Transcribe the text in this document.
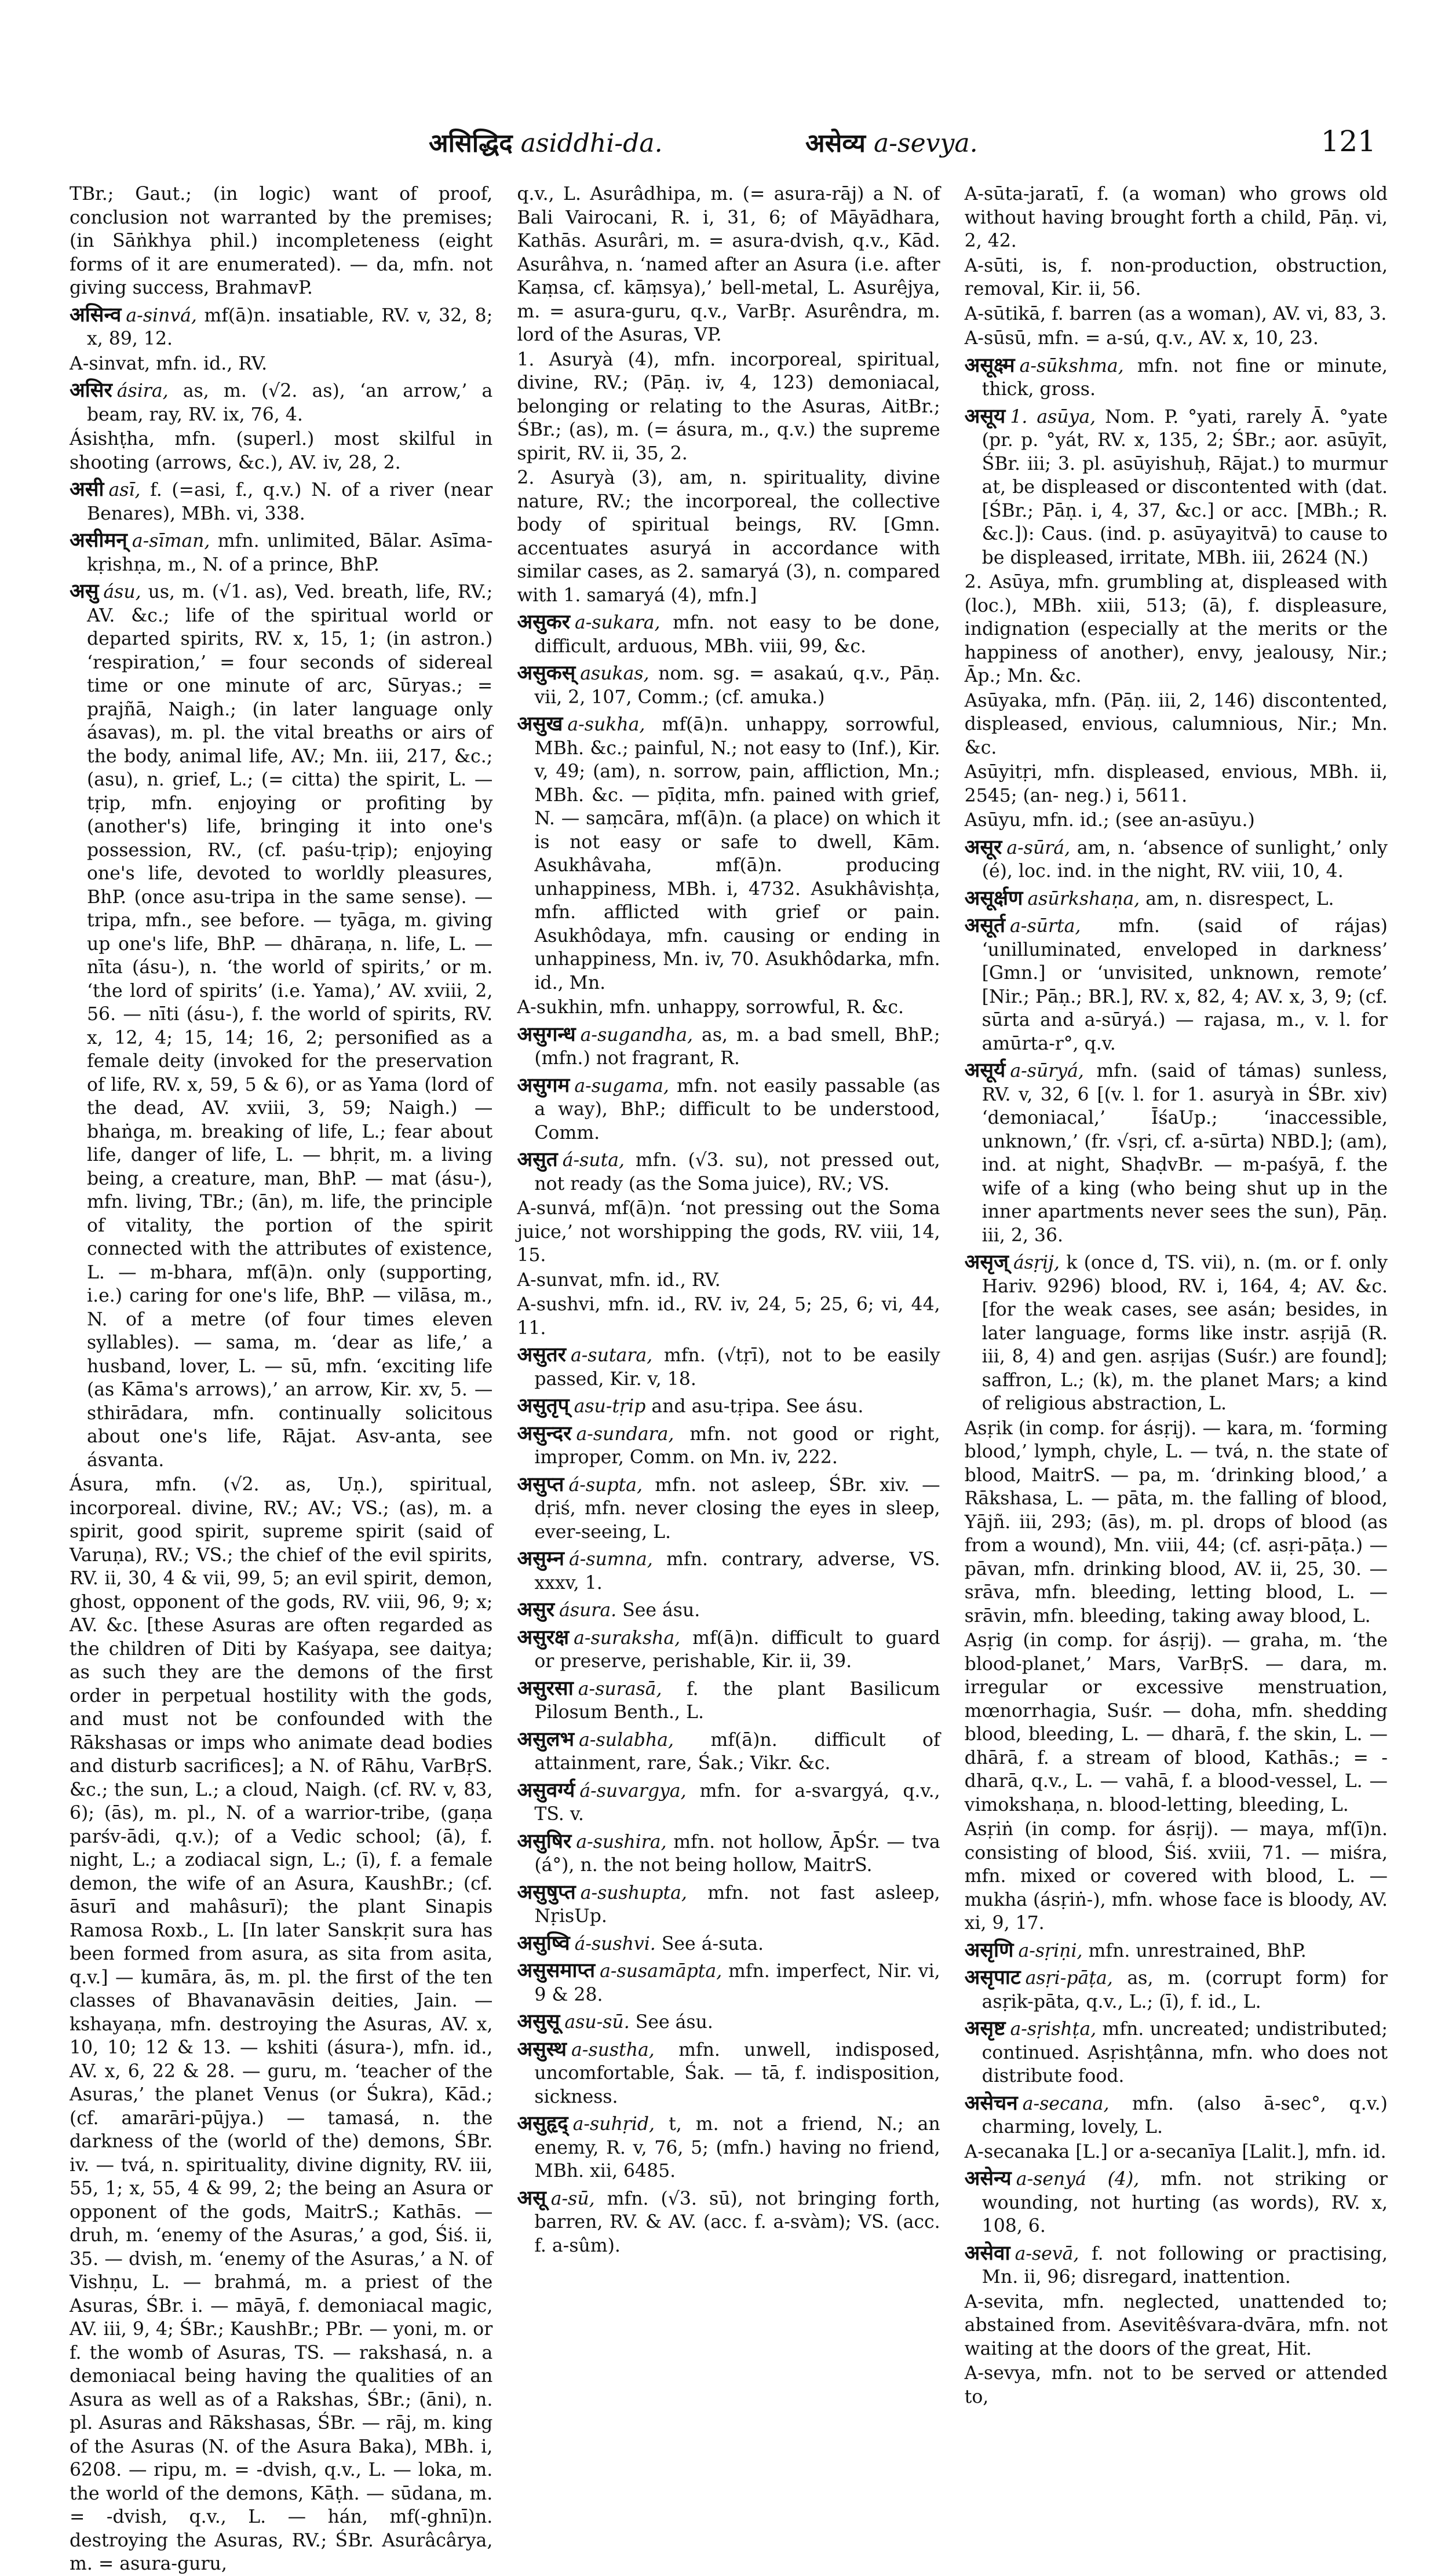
असिद्धिद asiddhi-da.	असेव्य a-sevya.	121

TBr.; Gaut.; (in logic) want of proof, conclusion not warranted by the premises; (in Sāṅkhya phil.) incompleteness (eight forms of it are enumerated). — da, mfn. not giving success, BrahmavP.

असिन्व a-sinvá, mf(ā)n. insatiable, RV. v, 32, 8; x, 89, 12.

A-sinvat, mfn. id., RV.

असिर ásira, as, m. (√2. as), ‘an arrow,’ a beam, ray, RV. ix, 76, 4.

Ásishṭha, mfn. (superl.) most skilful in shooting (arrows, &c.), AV. iv, 28, 2.

असी asī, f. (=asi, f., q.v.) N. of a river (near Benares), MBh. vi, 338.

असीमन् a-sīman, mfn. unlimited, Bālar. Asīma-kṛishṇa, m., N. of a prince, BhP.

असु ásu, us, m. (√1. as), Ved. breath, life, RV.; AV. &c.; life of the spiritual world or departed spirits, RV. x, 15, 1; (in astron.) ‘respiration,’ = four seconds of sidereal time or one minute of arc, Sūryas.; = prajñā, Naigh.; (in later language only ásavas), m. pl. the vital breaths or airs of the body, animal life, AV.; Mn. iii, 217, &c.; (asu), n. grief, L.; (= citta) the spirit, L. — tṛip, mfn. enjoying or profiting by (another's) life, bringing it into one's possession, RV., (cf. paśu-tṛip); enjoying one's life, devoted to worldly pleasures, BhP. (once asu-tripa in the same sense). — tripa, mfn., see before. — tyāga, m. giving up one's life, BhP. — dhāraṇa, n. life, L. — nīta (ásu-), n. ‘the world of spirits,’ or m. ‘the lord of spirits’ (i.e. Yama),’ AV. xviii, 2, 56. — nīti (ásu-), f. the world of spirits, RV. x, 12, 4; 15, 14; 16, 2; personified as a female deity (invoked for the preservation of life, RV. x, 59, 5 & 6), or as Yama (lord of the dead, AV. xviii, 3, 59; Naigh.) — bhaṅga, m. breaking of life, L.; fear about life, danger of life, L. — bhṛit, m. a living being, a creature, man, BhP. — mat (ásu-), mfn. living, TBr.; (ān), m. life, the principle of vitality, the portion of the spirit connected with the attributes of existence, L. — m-bhara, mf(ā)n. only (supporting, i.e.) caring for one's life, BhP. — vilāsa, m., N. of a metre (of four times eleven syllables). — sama, m. ‘dear as life,’ a husband, lover, L. — sū, mfn. ‘exciting life (as Kāma's arrows),’ an arrow, Kir. xv, 5. — sthirādara, mfn. continually solicitous about one's life, Rājat. Asv-anta, see ásvanta.

Ásura, mfn. (√2. as, Uṇ.), spiritual, incorporeal. divine, RV.; AV.; VS.; (as), m. a spirit, good spirit, supreme spirit (said of Varuṇa), RV.; VS.; the chief of the evil spirits, RV. ii, 30, 4 & vii, 99, 5; an evil spirit, demon, ghost, opponent of the gods, RV. viii, 96, 9; x; AV. &c. [these Asuras are often regarded as the children of Diti by Kaśyapa, see daitya; as such they are the demons of the first order in perpetual hostility with the gods, and must not be confounded with the Rākshasas or imps who animate dead bodies and disturb sacrifices]; a N. of Rāhu, VarBṛS. &c.; the sun, L.; a cloud, Naigh. (cf. RV. v, 83, 6); (ās), m. pl., N. of a warrior-tribe, (gaṇa parśv-ādi, q.v.); of a Vedic school; (ā), f. night, L.; a zodiacal sign, L.; (ī), f. a female demon, the wife of an Asura, KaushBr.; (cf. āsurī and mahâsurī); the plant Sinapis Ramosa Roxb., L. [In later Sanskṛit sura has been formed from asura, as sita from asita, q.v.] — kumāra, ās, m. pl. the first of the ten classes of Bhavanavāsin deities, Jain. — kshayaṇa, mfn. destroying the Asuras, AV. x, 10, 10; 12 & 13. — kshiti (ásura-), mfn. id., AV. x, 6, 22 & 28. — guru, m. ‘teacher of the Asuras,’ the planet Venus (or Śukra), Kād.; (cf. amarāri-pūjya.) — tamasá, n. the darkness of the (world of the) demons, ŚBr. iv. — tvá, n. spirituality, divine dignity, RV. iii, 55, 1; x, 55, 4 & 99, 2; the being an Asura or opponent of the gods, MaitrS.; Kathās. — druh, m. ‘enemy of the Asuras,’ a god, Śiś. ii, 35. — dvish, m. ‘enemy of the Asuras,’ a N. of Vishṇu, L. — brahmá, m. a priest of the Asuras, ŚBr. i. — māyā, f. demoniacal magic, AV. iii, 9, 4; ŚBr.; KaushBr.; PBr. — yoni, m. or f. the womb of Asuras, TS. — rakshasá, n. a demoniacal being having the qualities of an Asura as well as of a Rakshas, ŚBr.; (āni), n. pl. Asuras and Rākshasas, ŚBr. — rāj, m. king of the Asuras (N. of the Asura Baka), MBh. i, 6208. — ripu, m. = -dvish, q.v., L. — loka, m. the world of the demons, Kāṭh. — sūdana, m. = -dvish, q.v., L. — hán, mf(-ghnī)n. destroying the Asuras, RV.; ŚBr. Asurâcârya, m. = asura-guru,

q.v., L. Asurâdhipa, m. (= asura-rāj) a N. of Bali Vairocani, R. i, 31, 6; of Māyādhara, Kathās. Asurâri, m. = asura-dvish, q.v., Kād. Asurâhva, n. ‘named after an Asura (i.e. after Kaṃsa, cf. kāṃsya),’ bell-metal, L. Asurêjya, m. = asura-guru, q.v., VarBṛ. Asurêndra, m. lord of the Asuras, VP.

1. Asuryà (4), mfn. incorporeal, spiritual, divine, RV.; (Pāṇ. iv, 4, 123) demoniacal, belonging or relating to the Asuras, AitBr.; ŚBr.; (as), m. (= ásura, m., q.v.) the supreme spirit, RV. ii, 35, 2.

2. Asuryà (3), am, n. spirituality, divine nature, RV.; the incorporeal, the collective body of spiritual beings, RV. [Gmn. accentuates asuryá in accordance with similar cases, as 2. samaryá (3), n. compared with 1. samaryá (4), mfn.]

असुकर a-sukara, mfn. not easy to be done, difficult, arduous, MBh. viii, 99, &c.

असुकस् asukas, nom. sg. = asakaú, q.v., Pāṇ. vii, 2, 107, Comm.; (cf. amuka.)

असुख a-sukha, mf(ā)n. unhappy, sorrowful, MBh. &c.; painful, N.; not easy to (Inf.), Kir. v, 49; (am), n. sorrow, pain, affliction, Mn.; MBh. &c. — pīḍita, mfn. pained with grief, N. — saṃcāra, mf(ā)n. (a place) on which it is not easy or safe to dwell, Kām. Asukhâvaha, mf(ā)n. producing unhappiness, MBh. i, 4732. Asukhâvishṭa, mfn. afflicted with grief or pain. Asukhôdaya, mfn. causing or ending in unhappiness, Mn. iv, 70. Asukhôdarka, mfn. id., Mn.

A-sukhin, mfn. unhappy, sorrowful, R. &c.

असुगन्ध a-sugandha, as, m. a bad smell, BhP.; (mfn.) not fragrant, R.

असुगम a-sugama, mfn. not easily passable (as a way), BhP.; difficult to be understood, Comm.

असुत á-suta, mfn. (√3. su), not pressed out, not ready (as the Soma juice), RV.; VS.

A-sunvá, mf(ā)n. ‘not pressing out the Soma juice,’ not worshipping the gods, RV. viii, 14, 15.

A-sunvat, mfn. id., RV.

A-sushvi, mfn. id., RV. iv, 24, 5; 25, 6; vi, 44, 11.

असुतर a-sutara, mfn. (√tṛī), not to be easily passed, Kir. v, 18.

असुतृप् asu-tṛip and asu-tṛipa. See ásu.

असुन्दर a-sundara, mfn. not good or right, improper, Comm. on Mn. iv, 222.

असुप्त á-supta, mfn. not asleep, ŚBr. xiv. — dṛiś, mfn. never closing the eyes in sleep, ever-seeing, L.

असुम्न á-sumna, mfn. contrary, adverse, VS. xxxv, 1.

असुर ásura. See ásu.

असुरक्ष a-suraksha, mf(ā)n. difficult to guard or preserve, perishable, Kir. ii, 39.

असुरसा a-surasā, f. the plant Basilicum Pilosum Benth., L.

असुलभ a-sulabha, mf(ā)n. difficult of attainment, rare, Śak.; Vikr. &c.

असुवर्ग्य á-suvargya, mfn. for a-svargyá, q.v., TS. v.

असुषिर a-sushira, mfn. not hollow, ĀpŚr. — tva (á°), n. the not being hollow, MaitrS.

असुषुप्त a-sushupta, mfn. not fast asleep, NṛisUp.

असुष्वि á-sushvi. See á-suta.

असुसमाप्त a-susamāpta, mfn. imperfect, Nir. vi, 9 & 28.

असुसू asu-sū. See ásu.

असुस्थ a-sustha, mfn. unwell, indisposed, uncomfortable, Śak. — tā, f. indisposition, sickness.

असुहृद् a-suhṛid, t, m. not a friend, N.; an enemy, R. v, 76, 5; (mfn.) having no friend, MBh. xii, 6485.

असू a-sū, mfn. (√3. sū), not bringing forth, barren, RV. & AV. (acc. f. a-svàm); VS. (acc. f. a-sûm).

A-sūta-jaratī, f. (a woman) who grows old without having brought forth a child, Pāṇ. vi, 2, 42.

A-sūti, is, f. non-production, obstruction, removal, Kir. ii, 56.

A-sūtikā, f. barren (as a woman), AV. vi, 83, 3.

A-sūsū, mfn. = a-sú, q.v., AV. x, 10, 23.

असूक्ष्म a-sūkshma, mfn. not fine or minute, thick, gross.

असूय 1. asūya, Nom. P. °yati, rarely Ā. °yate (pr. p. °yát, RV. x, 135, 2; ŚBr.; aor. asūyīt, ŚBr. iii; 3. pl. asūyishuḥ, Rājat.) to murmur at, be displeased or discontented with (dat. [ŚBr.; Pāṇ. i, 4, 37, &c.] or acc. [MBh.; R. &c.]): Caus. (ind. p. asūyayitvā) to cause to be displeased, irritate, MBh. iii, 2624 (N.)

2. Asūya, mfn. grumbling at, displeased with (loc.), MBh. xiii, 513; (ā), f. displeasure, indignation (especially at the merits or the happiness of another), envy, jealousy, Nir.; Āp.; Mn. &c.

Asūyaka, mfn. (Pāṇ. iii, 2, 146) discontented, displeased, envious, calumnious, Nir.; Mn. &c.

Asūyitṛi, mfn. displeased, envious, MBh. ii, 2545; (an- neg.) i, 5611.

Asūyu, mfn. id.; (see an-asūyu.)

असूर a-sūrá, am, n. ‘absence of sunlight,’ only (é), loc. ind. in the night, RV. viii, 10, 4.

असूर्क्षण asūrkshaṇa, am, n. disrespect, L.

असूर्त a-sūrta, mfn. (said of rájas) ‘unilluminated, enveloped in darkness’ [Gmn.] or ‘unvisited, unknown, remote’ [Nir.; Pāṇ.; BR.], RV. x, 82, 4; AV. x, 3, 9; (cf. sūrta and a-sūryá.) — rajasa, m., v. l. for amūrta-r°, q.v.

असूर्य a-sūryá, mfn. (said of támas) sunless, RV. v, 32, 6 [(v. l. for 1. asuryà in ŚBr. xiv) ‘demoniacal,’ ĪśaUp.; ‘inaccessible, unknown,’ (fr. √sṛi, cf. a-sūrta) NBD.]; (am), ind. at night, ShaḍvBr. — m-paśyā, f. the wife of a king (who being shut up in the inner apartments never sees the sun), Pāṇ. iii, 2, 36.

असृज् ásṛij, k (once d, TS. vii), n. (m. or f. only Hariv. 9296) blood, RV. i, 164, 4; AV. &c. [for the weak cases, see asán; besides, in later language, forms like instr. asṛijā (R. iii, 8, 4) and gen. asṛijas (Suśr.) are found]; saffron, L.; (k), m. the planet Mars; a kind of religious abstraction, L.

Asṛik (in comp. for ásṛij). — kara, m. ‘forming blood,’ lymph, chyle, L. — tvá, n. the state of blood, MaitrS. — pa, m. ‘drinking blood,’ a Rākshasa, L. — pāta, m. the falling of blood, Yājñ. iii, 293; (ās), m. pl. drops of blood (as from a wound), Mn. viii, 44; (cf. asṛi-pāṭa.) — pāvan, mfn. drinking blood, AV. ii, 25, 30. — srāva, mfn. bleeding, letting blood, L. — srāvin, mfn. bleeding, taking away blood, L.

Asṛig (in comp. for ásṛij). — graha, m. ‘the blood-planet,’ Mars, VarBṛS. — dara, m. irregular or excessive menstruation, mœnorrhagia, Suśr. — doha, mfn. shedding blood, bleeding, L. — dharā, f. the skin, L. — dhārā, f. a stream of blood, Kathās.; = -dharā, q.v., L. — vahā, f. a blood-vessel, L. — vimokshaṇa, n. blood-letting, bleeding, L.

Asṛiṅ (in comp. for ásṛij). — maya, mf(ī)n. consisting of blood, Śiś. xviii, 71. — miśra, mfn. mixed or covered with blood, L. — mukha (ásṛiṅ-), mfn. whose face is bloody, AV. xi, 9, 17.

असृणि a-sṛiṇi, mfn. unrestrained, BhP.

असृपाट asṛi-pāṭa, as, m. (corrupt form) for asṛik-pāta, q.v., L.; (ī), f. id., L.

असृष्ट a-sṛishṭa, mfn. uncreated; undistributed; continued. Asṛishṭânna, mfn. who does not distribute food.

असेचन a-secana, mfn. (also ā-sec°, q.v.) charming, lovely, L.

A-secanaka [L.] or a-secanīya [Lalit.], mfn. id.

असेन्य a-senyá (4), mfn. not striking or wounding, not hurting (as words), RV. x, 108, 6.

असेवा a-sevā, f. not following or practising, Mn. ii, 96; disregard, inattention.

A-sevita, mfn. neglected, unattended to; abstained from. Asevitêśvara-dvāra, mfn. not waiting at the doors of the great, Hit.

A-sevya, mfn. not to be served or attended to,
